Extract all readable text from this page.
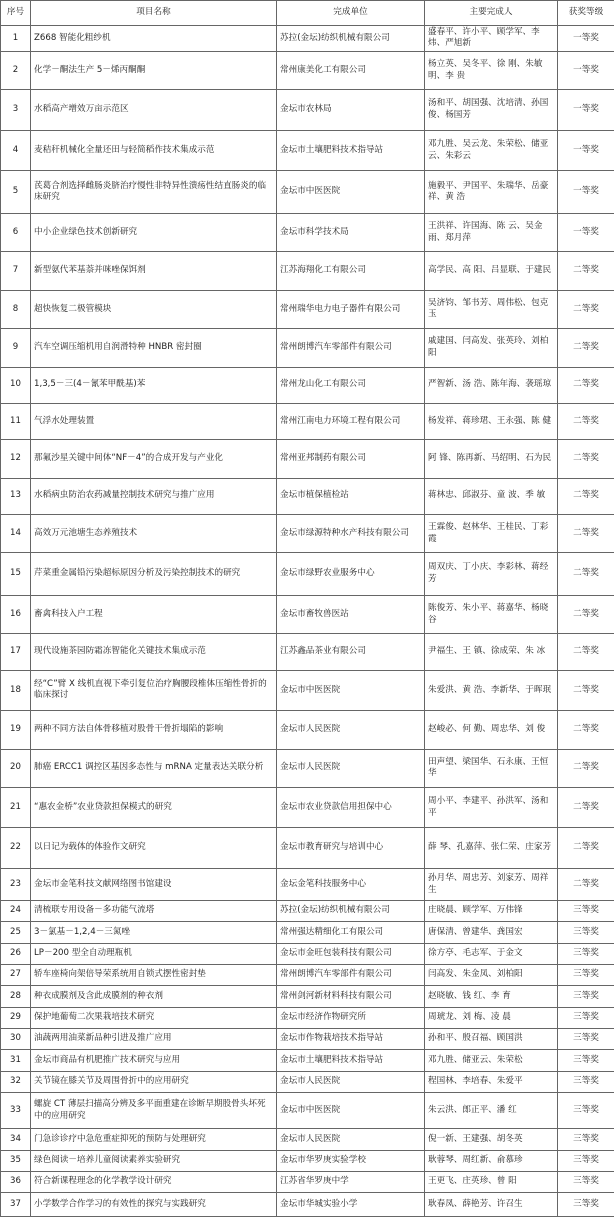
序号	项目名称	完成单位	主要完成人	获奖等级
1	Z668 智能化粗纱机	苏拉(金坛)纺织机械有限公司	盛春平、许小平、顾学军、李 炜、严旭新	一等奖
2	化学－酮法生产 5－烯丙酮酮	常州康美化工有限公司	杨立英、吴冬平、徐 刚、朱敏明、李 贵	一等奖
3	水稻高产增效万亩示范区	金坛市农林局	汤和平、胡国强、沈培清、孙国俊、杨国芳	一等奖
4	麦秸秆机械化全量还田与轻简稻作技术集成示范	金坛市土壤肥料技术指导站	邓九胜、吴云龙、朱荣松、储亚云、朱彩云	一等奖
5	芪葛合剂选择雌肠炎脐治疗慢性非特异性溃疡性结直肠炎的临床研究	金坛市中医医院	施毅平、尹国平、朱瑞华、岳豪祥、黄 浩	一等奖
6	中小企业绿色技术创新研究	金坛市科学技术局	王洪祥、许国海、陈 云、吴金雨、郑月萍	一等奖
7	新型氨代苯基萘并咪唑保饵剂	江苏海翔化工有限公司	高学民、高 阳、吕显联、于建民	二等奖
8	超快恢复二极管模块	常州瑞华电力电子器件有限公司	吴济钧、邹书芳、周伟松、包克玉	二等奖
9	汽车空调压缩机用自润滑特种 HNBR 密封圈	常州朗博汽车零部件有限公司	戚建国、闫高发、张英玲、刘柏阳	二等奖
10	1,3,5－三(4－氰苯甲酰基)苯	常州龙山化工有限公司	严智新、汤 浩、陈年海、袭瑶琼	二等奖
11	气浮水处理装置	常州江南电力环境工程有限公司	杨发祥、蒋珍珺、王永强、陈 健	二等奖
12	那氟沙星关键中间体“NF－4”的合成开发与产业化	常州亚邦制药有限公司	阿 锋、陈再新、马绍明、石为民	二等奖
13	水稻病虫防治农药减量控制技术研究与推广应用	金坛市植保植检站	蒋林忠、邱淑芬、童 波、季 敏	二等奖
14	高效万元池塘生态养殖技术	金坛市绿源特种水产科技有限公司	王霖俊、赵林华、王桂民、丁彩霞	二等奖
15	芹菜重金属铅污染超标原因分析及污染控制技术的研究	金坛市绿野农业服务中心	周双庆、丁小庆、李彩林、蒋经芳	二等奖
16	畜禽科技入户工程	金坛市畜牧兽医站	陈俊芳、朱小平、蒋嘉华、杨晓谷	二等奖
17	现代设施茶园防霜冻智能化关键技术集成示范	江苏鑫品茶业有限公司	尹福生、王 镇、徐成荣、朱 冰	二等奖
18	经“C”臂 X 线机直视下牵引复位治疗胸腰段椎体压缩性骨折的临床探讨	金坛市中医医院	朱爱洪、黄 浩、李新华、于晖珉	二等奖
19	两种不同方法自体骨移植对股骨干骨折塌陷的影响	金坛市人民医院	赵峻必、何 勤、周忠华、刘 俊	二等奖
20	肺癌 ERCC1 调控区基因多态性与 mRNA 定量表达关联分析	金坛市人民医院	田声望、梁国华、石永康、王恒华	二等奖
21	“惠农金桥”农业贷款担保模式的研究	金坛市农业贷款信用担保中心	周小平、李建平、孙洪军、汤和平	二等奖
22	以日记为载体的体验作文研究	金坛市教育研究与培训中心	薛 琴、孔嘉萍、张仁荣、庄家芳	二等奖
23	金坛市金笔科技文献网络图书馆建设	金坛金笔科技服务中心	孙月华、周忠芳、刘家芳、周祥生	二等奖
24	清梳联专用设备－多功能气流塔	苏拉(金坛)纺织机械有限公司	庄晓晨、顾学军、万伟锋	三等奖
25	3－氯基－1,2,4－三氮唑	常州强达精细化工有限公司	唐保清、曾建华、龚国宏	三等奖
26	LP－200 型全自动理瓶机	金坛市金旺包装科技有限公司	徐方亭、毛志军、于金文	三等奖
27	轿车座椅向架倍导荣系统用自锁式摆性密封垫	常州朗博汽车零部件有限公司	闫高发、朱金凤、刘柏阳	三等奖
28	种衣成膜剂及含此成膜剂的种衣剂	常州剑河新材料科技有限公司	赵晓敏、钱 红、李 育	三等奖
29	保护地葡萄二次果栽培技术研究	金坛市经济作物研究所	周琥龙、刘 梅、凌 晨	三等奖
30	油蔬两用油菜新品种引进及推广应用	金坛市作物栽培技术指导站	孙和平、殷召福、顾国洪	三等奖
31	金坛市商品有机肥推广技术研究与应用	金坛市土壤肥料技术指导站	邓九胜、储亚云、朱荣松	三等奖
32	关节镜在膝关节及周围骨折中的应用研究	金坛市人民医院	程国林、李培春、朱爱平	三等奖
33	螺旋 CT 薄层扫描高分辨及多平面重建在诊断早期股骨头坏死中的应用研究	金坛市中医医院	朱云洪、郎正平、潘 红	三等奖
34	门急诊诊疗中急危重症抑死的预防与处理研究	金坛市人民医院	倪一新、王建强、胡冬英	三等奖
35	绿色阅读－培养儿童阅读素养实验研究	金坛市华罗庚实验学校	耿蓉琴、周红新、俞慕珍	三等奖
36	符合新课程理念的化学教学设计研究	江苏省华罗庚中学	王更飞、庄英珍、曾 阳	三等奖
37	小学数学合作学习的有效性的探究与实践研究	金坛市华城实验小学	耿春凤、薛艳芳、许召生	三等奖
